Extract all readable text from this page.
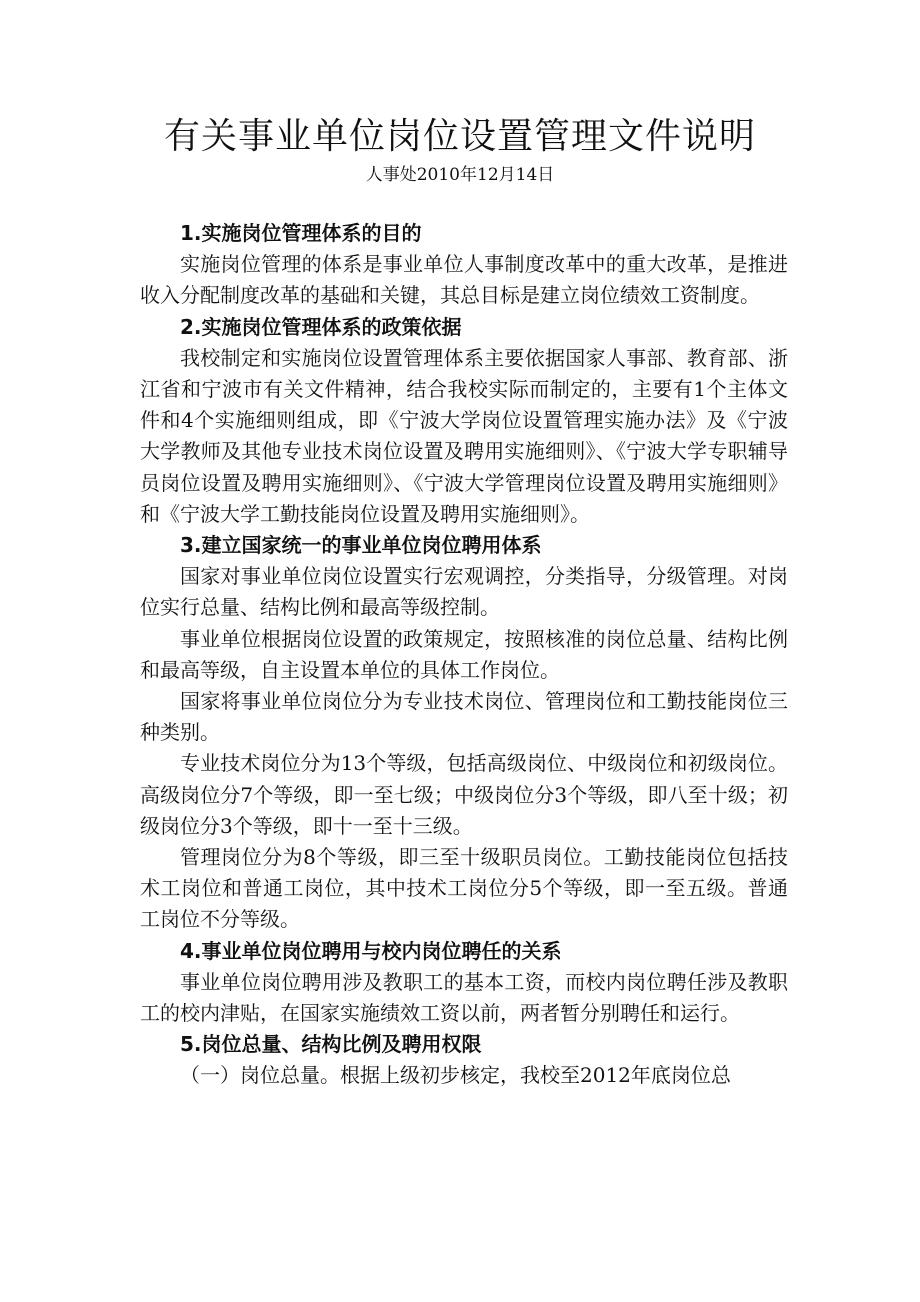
有关事业单位岗位设置管理文件说明
人事处2010年12月14日
1.实施岗位管理体系的目的

实施岗位管理的体系是事业单位人事制度改革中的重大改革，是推进收入分配制度改革的基础和关键，其总目标是建立岗位绩效工资制度。

2.实施岗位管理体系的政策依据

我校制定和实施岗位设置管理体系主要依据国家人事部、教育部、浙江省和宁波市有关文件精神，结合我校实际而制定的，主要有1个主体文件和4个实施细则组成，即《宁波大学岗位设置管理实施办法》及《宁波大学教师及其他专业技术岗位设置及聘用实施细则》、《宁波大学专职辅导员岗位设置及聘用实施细则》、《宁波大学管理岗位设置及聘用实施细则》和《宁波大学工勤技能岗位设置及聘用实施细则》。

3.建立国家统一的事业单位岗位聘用体系

国家对事业单位岗位设置实行宏观调控，分类指导，分级管理。对岗位实行总量、结构比例和最高等级控制。

事业单位根据岗位设置的政策规定，按照核准的岗位总量、结构比例和最高等级，自主设置本单位的具体工作岗位。

国家将事业单位岗位分为专业技术岗位、管理岗位和工勤技能岗位三种类别。

专业技术岗位分为13个等级，包括高级岗位、中级岗位和初级岗位。高级岗位分7个等级，即一至七级；中级岗位分3个等级，即八至十级；初级岗位分3个等级，即十一至十三级。

管理岗位分为8个等级，即三至十级职员岗位。工勤技能岗位包括技术工岗位和普通工岗位，其中技术工岗位分5个等级，即一至五级。普通工岗位不分等级。

4.事业单位岗位聘用与校内岗位聘任的关系

事业单位岗位聘用涉及教职工的基本工资，而校内岗位聘任涉及教职工的校内津贴，在国家实施绩效工资以前，两者暂分别聘任和运行。

5.岗位总量、结构比例及聘用权限

（一）岗位总量。根据上级初步核定，我校至2012年底岗位总
